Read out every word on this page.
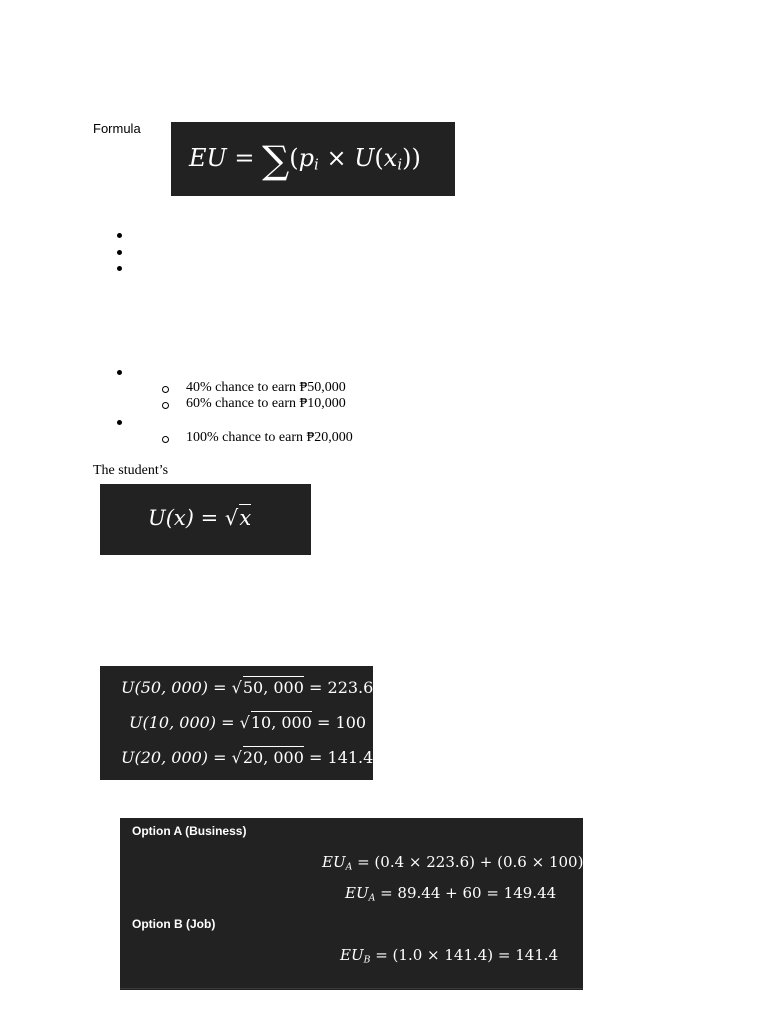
Formula
EU = $\sum(p_i \times U(x_i))$
40% chance to earn ₱50,000
60% chance to earn ₱10,000
100% chance to earn ₱20,000
The student’s
U(x) = √x
U(50, 000) = √50, 000 = 223.6
U(10, 000) = √10, 000 = 100
U(20, 000) = √20, 000 = 141.4
Option A (Business)
$EU_A = (0.4 \times 223.6) + (0.6 \times 100)$
$EU_A = 89.44 + 60 = 149.44$
Option B (Job)
$EU_B = (1.0 \times 141.4) = 141.4$
